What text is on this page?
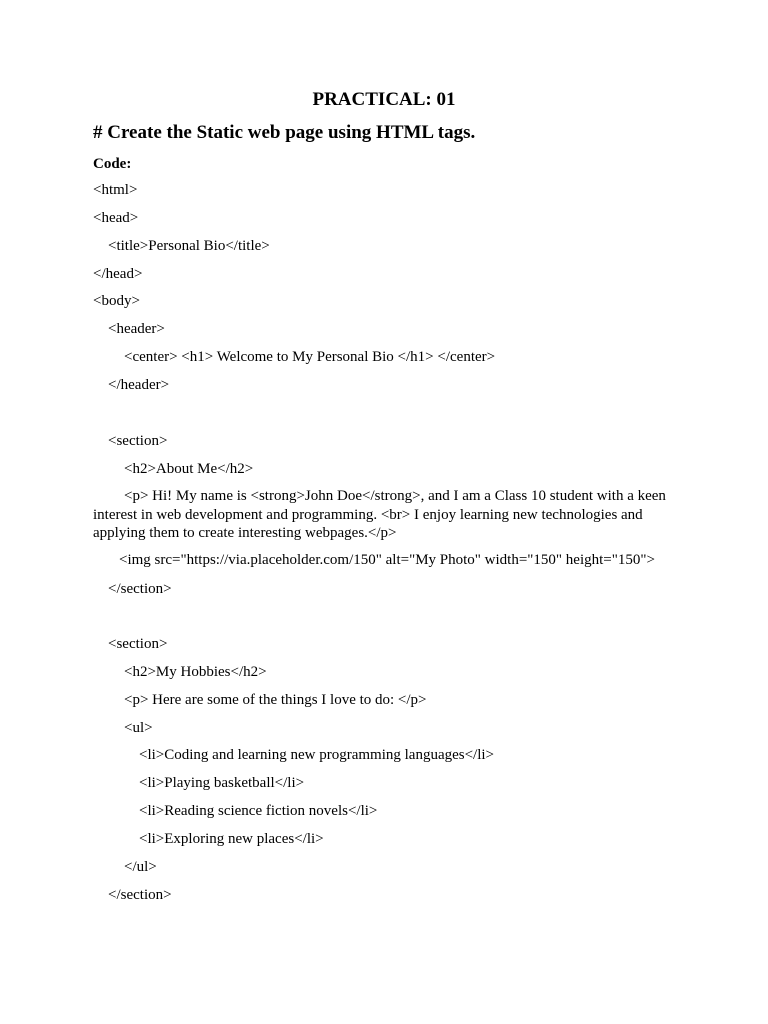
PRACTICAL: 01
# Create the Static web page using HTML tags.
Code:
<html>
<head>
<title>Personal Bio</title>
</head>
<body>
<header>
<center> <h1> Welcome to My Personal Bio </h1> </center>
</header>
<section>
<h2>About Me</h2>

<p> Hi! My name is <strong>John Doe</strong>, and I am a Class 10 student with a keen interest in web development and programming. <br> I enjoy learning new technologies and applying them to create interesting webpages.</p>

<img src="https://via.placeholder.com/150" alt="My Photo" width="150" height="150">
</section>
<section>
<h2>My Hobbies</h2>
<p> Here are some of the things I love to do: </p>
<ul>
<li>Coding and learning new programming languages</li>
<li>Playing basketball</li>
<li>Reading science fiction novels</li>
<li>Exploring new places</li>
</ul>
</section>
